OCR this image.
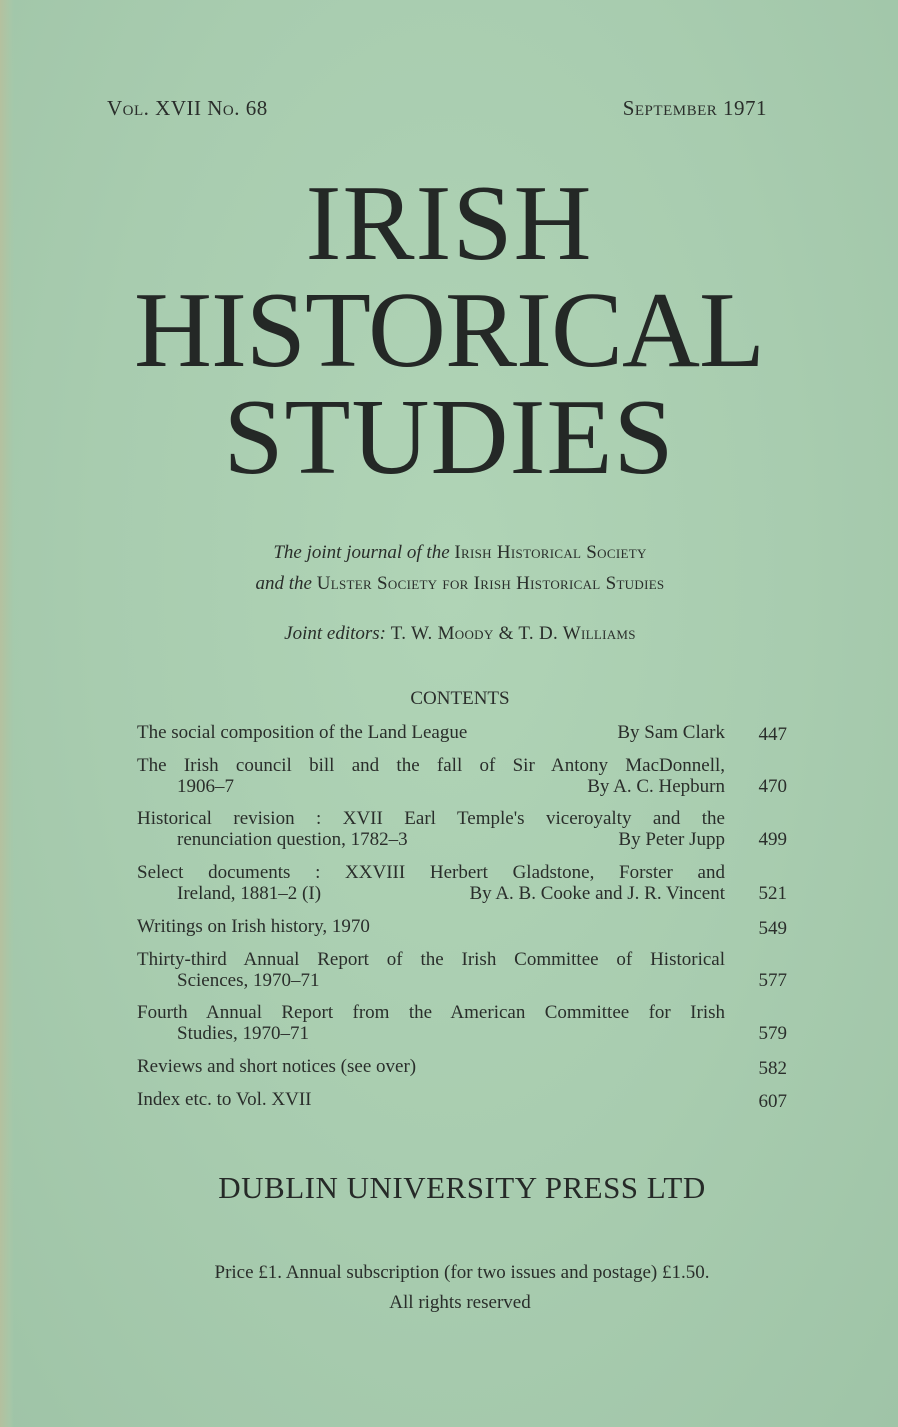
Vol. XVII No. 68	September 1971
IRISH
HISTORICAL
STUDIES
The joint journal of the Irish Historical Society
and the Ulster Society for Irish Historical Studies
Joint editors: T. W. Moody & T. D. Williams
CONTENTS
The social composition of the Land League	By Sam Clark	447
The Irish council bill and the fall of Sir Antony MacDonnell,
1906–7	By A. C. Hepburn	470
Historical revision : XVII Earl Temple's viceroyalty and the
renunciation question, 1782–3	By Peter Jupp	499
Select documents : XXVIII Herbert Gladstone, Forster and
Ireland, 1881–2 (I)	By A. B. Cooke and J. R. Vincent	521
Writings on Irish history, 1970	549
Thirty-third Annual Report of the Irish Committee of Historical
Sciences, 1970–71	577
Fourth Annual Report from the American Committee for Irish
Studies, 1970–71	579
Reviews and short notices (see over)	582
Index etc. to Vol. XVII	607
DUBLIN UNIVERSITY PRESS LTD
Price £1. Annual subscription (for two issues and postage) £1.50.
All rights reserved
